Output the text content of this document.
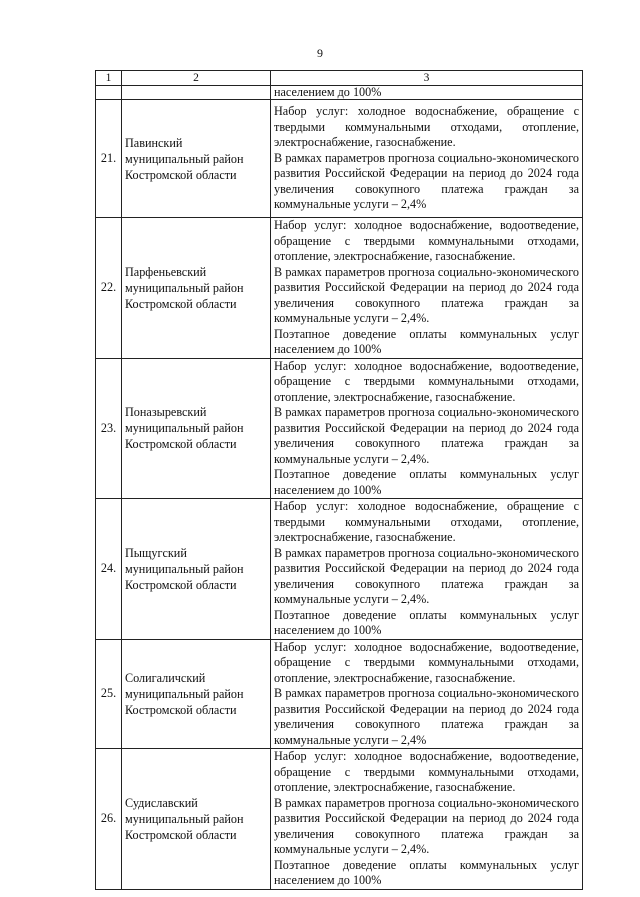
9
1	2	3
		населением до 100%
21.	Павинский муниципальный район Костромской области	Набор услуг: холодное водоснабжение, обращение с твердыми коммунальными отходами, отопление, электроснабжение, газоснабжение.

В рамках параметров прогноза социально-экономического развития Российской Федерации на период до 2024 года увеличения совокупного платежа граждан за коммунальные услуги – 2,4%

22.	Парфеньевский муниципальный район Костромской области	Набор услуг: холодное водоснабжение, водоотведение, обращение с твердыми коммунальными отходами, отопление, электроснабжение, газоснабжение.

В рамках параметров прогноза социально-экономического развития Российской Федерации на период до 2024 года увеличения совокупного платежа граждан за коммунальные услуги – 2,4%.

Поэтапное доведение оплаты коммунальных услуг населением до 100%

23.	Поназыревский муниципальный район Костромской области	Набор услуг: холодное водоснабжение, водоотведение, обращение с твердыми коммунальными отходами, отопление, электроснабжение, газоснабжение.

В рамках параметров прогноза социально-экономического развития Российской Федерации на период до 2024 года увеличения совокупного платежа граждан за коммунальные услуги – 2,4%.

Поэтапное доведение оплаты коммунальных услуг населением до 100%

24.	Пыщугский муниципальный район Костромской области	Набор услуг: холодное водоснабжение, обращение с твердыми коммунальными отходами, отопление, электроснабжение, газоснабжение.

В рамках параметров прогноза социально-экономического развития Российской Федерации на период до 2024 года увеличения совокупного платежа граждан за коммунальные услуги – 2,4%.

Поэтапное доведение оплаты коммунальных услуг населением до 100%

25.	Солигаличский муниципальный район Костромской области	Набор услуг: холодное водоснабжение, водоотведение, обращение с твердыми коммунальными отходами, отопление, электроснабжение, газоснабжение.

В рамках параметров прогноза социально-экономического развития Российской Федерации на период до 2024 года увеличения совокупного платежа граждан за коммунальные услуги – 2,4%

26.	Судиславский муниципальный район Костромской области	Набор услуг: холодное водоснабжение, водоотведение, обращение с твердыми коммунальными отходами, отопление, электроснабжение, газоснабжение.

В рамках параметров прогноза социально-экономического развития Российской Федерации на период до 2024 года увеличения совокупного платежа граждан за коммунальные услуги – 2,4%.

Поэтапное доведение оплаты коммунальных услуг населением до 100%
